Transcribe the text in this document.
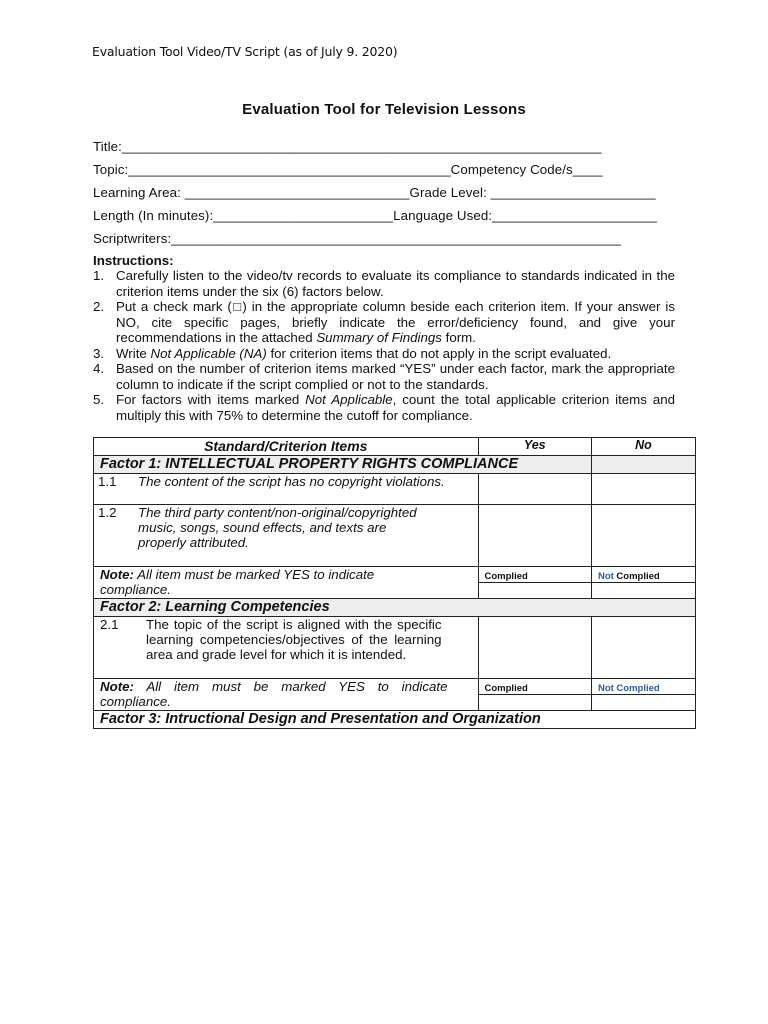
Evaluation Tool Video/TV Script (as of July 9. 2020)
Evaluation Tool for Television Lessons
Title:________________________________________________________________
Topic:___________________________________________Competency Code/s____
Learning Area: ______________________________Grade Level: ______________________
Length (In minutes):________________________Language Used:______________________
Scriptwriters:____________________________________________________________
Instructions:
1. Carefully listen to the video/tv records to evaluate its compliance to standards indicated in the criterion items under the six (6) factors below.
2. Put a check mark (□) in the appropriate column beside each criterion item. If your answer is NO, cite specific pages, briefly indicate the error/deficiency found, and give your recommendations in the attached Summary of Findings form.
3. Write Not Applicable (NA) for criterion items that do not apply in the script evaluated.
4. Based on the number of criterion items marked “YES” under each factor, mark the appropriate column to indicate if the script complied or not to the standards.
5. For factors with items marked Not Applicable, count the total applicable criterion items and multiply this with 75% to determine the cutoff for compliance.
Standard/Criterion Items	Yes	No
Factor 1: INTELLECTUAL PROPERTY RIGHTS COMPLIANCE		

1.1 The content of the script has no copyright violations.		

1.2 The third party content/non-original/copyrighted music, songs, sound effects, and texts are properly attributed.		

Note: All item must be marked YES to indicate compliance.	Complied	Not Complied

Factor 2: Learning Competencies		

2.1 The topic of the script is aligned with the specific learning competencies/objectives of the learning area and grade level for which it is intended.		

Note: All item must be marked YES to indicate compliance.	Complied	Not Complied

Factor 3: Intructional Design and Presentation and Organization		
